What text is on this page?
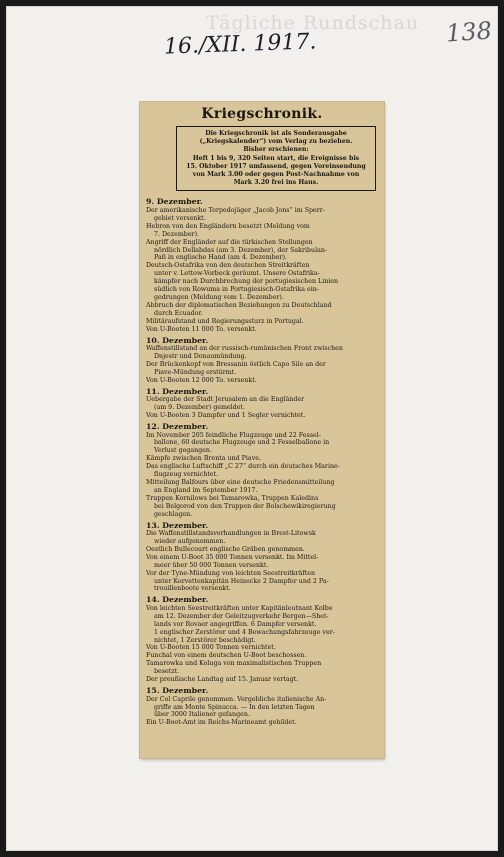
Tägliche Rundschau
16./XII. 1917.	138
Kriegschronik.
Die Kriegschronik ist als Sonderausgabe
(„Kriegskalender“) vom Verlag zu beziehen.
Bisher erschienen:
Heft 1 bis 9, 320 Seiten start, die Ereignisse bis
15. Oktober 1917 umfassend, gegen Voreinsendung
von Mark 3.00 oder gegen Post-Nachnahme von
Mark 3.20 frei ins Haus.
9. Dezember.
Der amerikanische Torpedojäger „Jacob Jons“ im Sperr-
gebiet versenkt.
Hebron von den Engländern besetzt (Meldung vom
7. Dezember).
Angriff der Engländer auf die türkischen Stellungen
nördlich Dellabdas (am 3. Dezember), der Sakribulan-
Paß in englische Hand (am 4. Dezember).
Deutsch-Ostafrika von den deutschen Streitkräften
unter v. Lettow-Vorbeck geräumt. Unsere Ostafrika-
kämpfer nach Durchbrechung der portugiesischen Linien
südlich von Rowuma in Portugiesisch-Ostafrika ein-
gedrungen (Meldung vom 1. Dezember).
Abbruch der diplomatischen Beziehungen zu Deutschland
durch Ecuador.
Militäraufstand und Regierungssturz in Portugal.
Von U-Booten 11 000 To. versenkt.
10. Dezember.
Waffenstillstand an der russisch-rumänischen Front zwischen
Dnjestr und Donaumündung.
Der Brückenkopf von Bressanin östlich Capo Sile an der
Piave-Mündung erstürmt.
Von U-Booten 12 000 To. versenkt.
11. Dezember.
Uebergabe der Stadt Jerusalem an die Engländer
(am 9. Dezember) gemeldet.
Von U-Booten 3 Dampfer und 1 Segler vernichtet.
12. Dezember.
Im November 205 feindliche Flugzeuge und 22 Fessel-
ballone, 60 deutsche Flugzeuge und 2 Fesselballone in
Verlust gegangen.
Kämpfe zwischen Brenta und Piave.
Das englische Luftschiff „C 27“ durch ein deutsches Marine-
flugzeug vernichtet.
Mitteilung Balfours über eine deutsche Friedensmitteilung
an England im September 1917.
Truppen Kornilows bei Tamarowka, Truppen Kaledins
bei Belgorod von den Truppen der Bolschewikiregierung
geschlagen.
13. Dezember.
Die Waffenstillstandsverhandlungen in Brest-Litowsk
wieder aufgenommen.
Oestlich Bullecourt englische Gräben genommen.
Von einem U-Boot 35 000 Tonnen versenkt. Im Mittel-
meer über 50 000 Tonnen versenkt.
Vor der Tyne-Mündung von leichten Seestreitkräften
unter Korvettenkapitän Heinecke 2 Dampfer und 2 Pa-
trouillenboote versenkt.
14. Dezember.
Von leichten Seestreitkräften unter Kapitänleutnant Kolbe
am 12. Dezember der Geleitzugverkehr Bergen—Shet-
lands vor Rovaer angegriffen. 6 Dampfer versenkt.
1 englischer Zerstörer und 4 Bewachungsfahrzeuge ver-
nichtet, 1 Zerstörer beschädigt.
Von U-Booten 15 000 Tonnen vernichtet.
Funchal von einem deutschen U-Boot beschossen.
Tamarowka und Koluga von maximalistischen Truppen
besetzt.
Der preußische Landtag auf 15. Januar vertagt.
15. Dezember.
Der Col Caprile genommen. Vergebliche italienische An-
griffe am Monte Spinucca. — In den letzten Tagen
über 3000 Italiener gefangen.
Ein U-Boot-Amt im Reichs-Marineamt gebildet.
